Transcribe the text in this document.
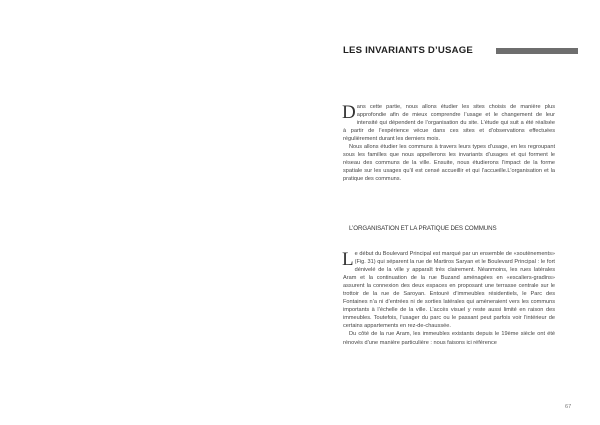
LES INVARIANTS D’USAGE

Dans cette partie, nous allons étudier les sites choisis de manière plus approfondie afin de mieux comprendre l’usage et le changement de leur intensité qui dépendent de l’organisation du site. L’étude qui suit a été réalisée à partir de l’expérience vécue dans ces sites et d’observations effectuées régulièrement durant les derniers mois.

Nous allons étudier les communs à travers leurs types d’usage, en les regroupant sous les familles que nous appellerons les invariants d’usages et qui forment le réseau des communs de la ville. Ensuite, nous étudierons l’impact de la forme spatiale sur les usages qu’il est censé accueillir et qui l’accueille.L’organisation et la pratique des communs.

L’ORGANISATION ET LA PRATIQUE DES COMMUNS

Le début du Boulevard Principal est marqué par un ensemble de «soutènements» (Fig. 31) qui séparent la rue de Martiros Saryan et le Boulevard Principal : le fort dénivelé de la ville y apparaît très clairement. Néanmoins, les rues latérales Aram et la continuation de la rue Buzand aménagées en «escaliers-gradins» assurent la connexion des deux espaces en proposant une terrasse centrale sur le trottoir de la rue de Saroyan. Entouré d’immeubles résidentiels, le Parc des Fontaines n’a ni d’entrées ni de sorties latérales qui amèneraient vers les communs importants à l’échelle de la ville. L’accès visuel y reste aussi limité en raison des immeubles. Toutefois, l’usager du parc ou le passant peut parfois voir l’intérieur de certains appartements en rez-de-chaussée.

Du côté de la rue Aram, les immeubles existants depuis le 19ème siècle ont été rénovés d’une manière particulière : nous faisons ici référence

67
